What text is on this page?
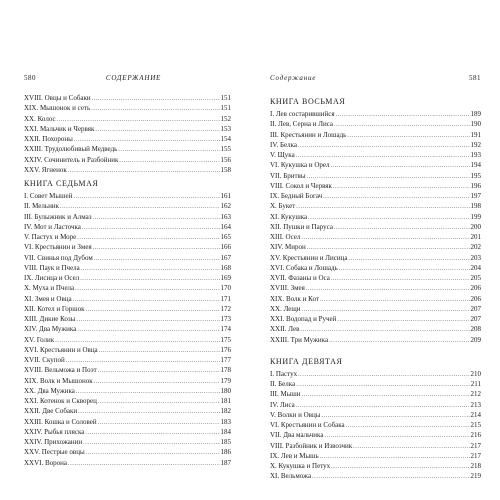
580	СОДЕРЖАНИЕ
XVIII. Овцы и Собаки .....	151
XIX. Мышонок и сеть .....	151
XX. Колос .....	152
XXI. Мальчик и Червяк .....	153
XXII. Похороны .....	154
XXIII. Трудолюбивый Медведь .....	155
XXIV. Сочинитель и Разбойник .....	156
XXV. Ягненок .....	158
КНИГА СЕДЬМАЯ
I. Совет Мышей .....	161
II. Мельник .....	162
III. Булыжник и Алмаз .....	163
IV. Мот и Ласточка .....	164
V. Пастух и Море .....	165
VI. Крестьянин и Змея .....	166
VII. Свинья под Дубом .....	167
VIII. Паук и Пчела .....	168
IX. Лисица и Осел .....	169
X. Муха и Пчела .....	170
XI. Змея и Овца .....	171
XII. Котел и Горшок .....	172
XIII. Дикие Козы .....	173
XIV. Два Мужика .....	174
XV. Голик .....	175
XVI. Крестьянин и Овца .....	176
XVII. Скупой .....	177
XVIII. Вельможа и Поэт .....	178
XIX. Волк и Мышонок .....	179
XX. Два Мужика .....	180
XXI. Котенок и Скворец .....	181
XXII. Две Собаки .....	182
XXIII. Кошка и Соловей .....	183
XXIV. Рыбья пляска .....	184
XXIV. Прихожанин .....	185
XXV. Пестрые овцы .....	186
XXVI. Ворона .....	187
Содержание	581
КНИГА ВОСЬМАЯ
I. Лев состарившийся .....	189
II. Лев, Серна и Лиса .....	190
III. Крестьянин и Лошадь .....	191
IV. Белка .....	192
V. Щука .....	193
VI. Кукушка и Орел .....	194
VII. Бритвы .....	195
VIII. Сокол и Червяк .....	196
IX. Бедный Богач .....	197
X. Букет .....	198
XI. Кукушка .....	199
XII. Пушки и Паруса .....	200
XIII. Осел .....	201
XIV. Мирон .....	202
XV. Крестьянин и Лисица .....	203
XVI. Собака и Лошадь .....	204
XVII. Фазаны и Оса .....	205
XVIII. Змея .....	206
XIX. Волк и Кот .....	206
XX. Лещи .....	207
XXI. Водопад и Ручей .....	207
XXII. Лев .....	208
XXIII. Три Мужика .....	209
КНИГА ДЕВЯТАЯ
I. Пастух .....	210
II. Белка .....	211
III. Мыши .....	212
IV. Лиса .....	213
V. Волки и Овцы .....	214
VI. Крестьянин и Собака .....	215
VII. Два мальчика .....	216
VIII. Разбойник и Извозчик .....	217
IX. Лев и Мышь .....	217
X. Кукушка и Петух .....	218
XI. Вельможа .....	219
